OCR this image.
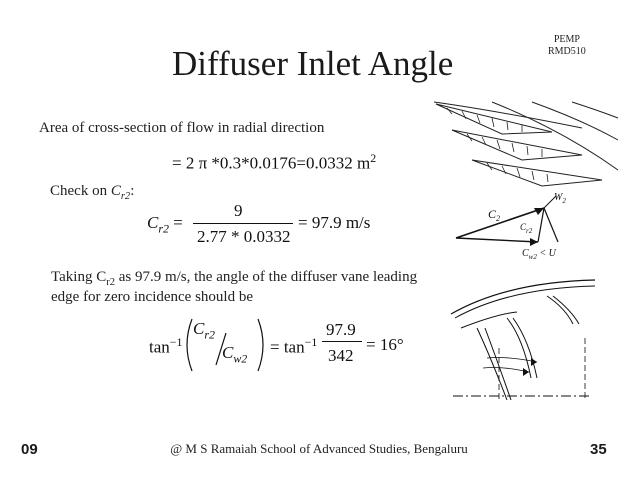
Diffuser Inlet Angle
PEMP
RMD510
Area of cross-section of flow in radial direction
= 2 π *0.3*0.0176=0.0332 $m^2$
Check on $C_{r2}$:
$C_{r2}$ =
9
2.77 * 0.0332
= 97.9 m/s
Taking $C_{r2}$ as 97.9 m/s, the angle of the diffuser vane leading
edge for zero incidence should be
$\tan^{-1}$
$C_{r2}$
$C_{w2}$
= $\tan^{-1}$
97.9
342
= 16°
$C_2$
$W_2$
$C_{r2}$
$C_{w2} < U$
09	@ M S Ramaiah School of Advanced Studies, Bengaluru	35
